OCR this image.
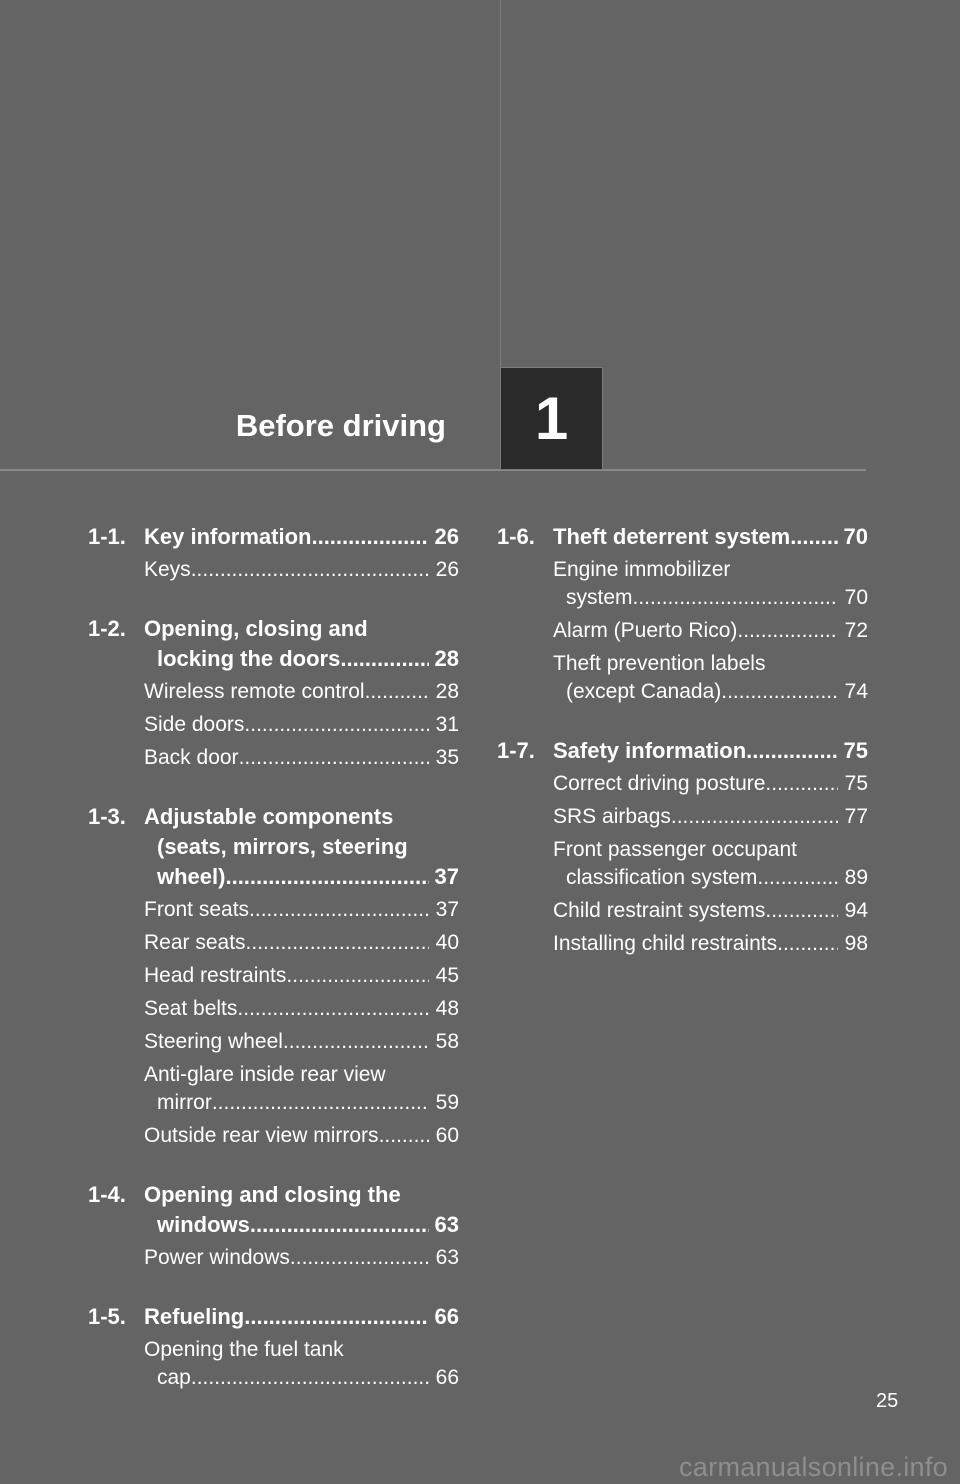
Before driving	1
1-1. Key information .....	26
Keys .....	26
1-2. Opening, closing and
locking the doors .....	28
Wireless remote control .....	28
Side doors .....	31
Back door .....	35
1-3. Adjustable components
(seats, mirrors, steering
wheel) .....	37
Front seats .....	37
Rear seats .....	40
Head restraints .....	45
Seat belts .....	48
Steering wheel .....	58
Anti-glare inside rear view
mirror .....	59
Outside rear view mirrors .....	60
1-4. Opening and closing the
windows .....	63
Power windows .....	63
1-5. Refueling .....	66
Opening the fuel tank
cap .....	66
1-6. Theft deterrent system ..... 70
Engine immobilizer
system .....	70
Alarm (Puerto Rico) .....	72
Theft prevention labels
(except Canada) .....	74
1-7. Safety information .....	75
Correct driving posture .....	75
SRS airbags .....	77
Front passenger occupant
classification system .....	89
Child restraint systems .....	94
Installing child restraints .....	98
25
carmanualsonline.info
